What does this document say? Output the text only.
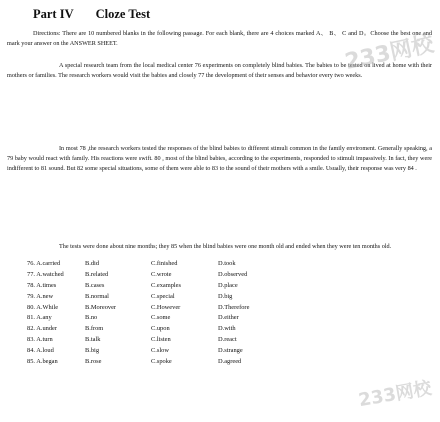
Part IV Cloze Test

Directions: There are 10 numbered blanks in the following passage. For each blank, there are 4 choices marked A、 B、 C and D。Choose the best one and mark your answer on the ANSWER SHEET.

A special research team from the local medical center 76 experiments on completely blind babies. The babies to be tested on lived at home with their mothers or families. The research workers would visit the babies and closely 77 the development of their senses and behavior every two weeks.

In most 78 ,the research workers tested the responses of the blind babies to different stimuli common in the family enviroment. Generally speaking, a 79 baby would react with family. His reactions were swift. 80 , most of the blind babies, according to the experiments, responded to stimuli impassively. In fact, they were indifferent to 81 sound. But 82 some special situations, some of them were able to 83 to the sound of their mothers with a smile. Usually, their response was very 84 .

The tests were done about nine months; they 85 when the blind babies were one month old and ended when they were ten months old.

76. A.carried	B.did	C.finished	D.took
77. A.watched	B.related	C.wrote	D.observed
78. A.times	B.cases	C.examples	D.place
79. A.new	B.normal	C.special	D.big
80. A.While	B.Moreover	C.However	D.Therefore
81. A.any	B.no	C.some	D.either
82. A.under	B.from	C.upon	D.with
83. A.turn	B.talk	C.listen	D.react
84. A.loud	B.big	C.slow	D.strange
85. A.began	B.rose	C.spoke	D.agreed
233网校
233网校
